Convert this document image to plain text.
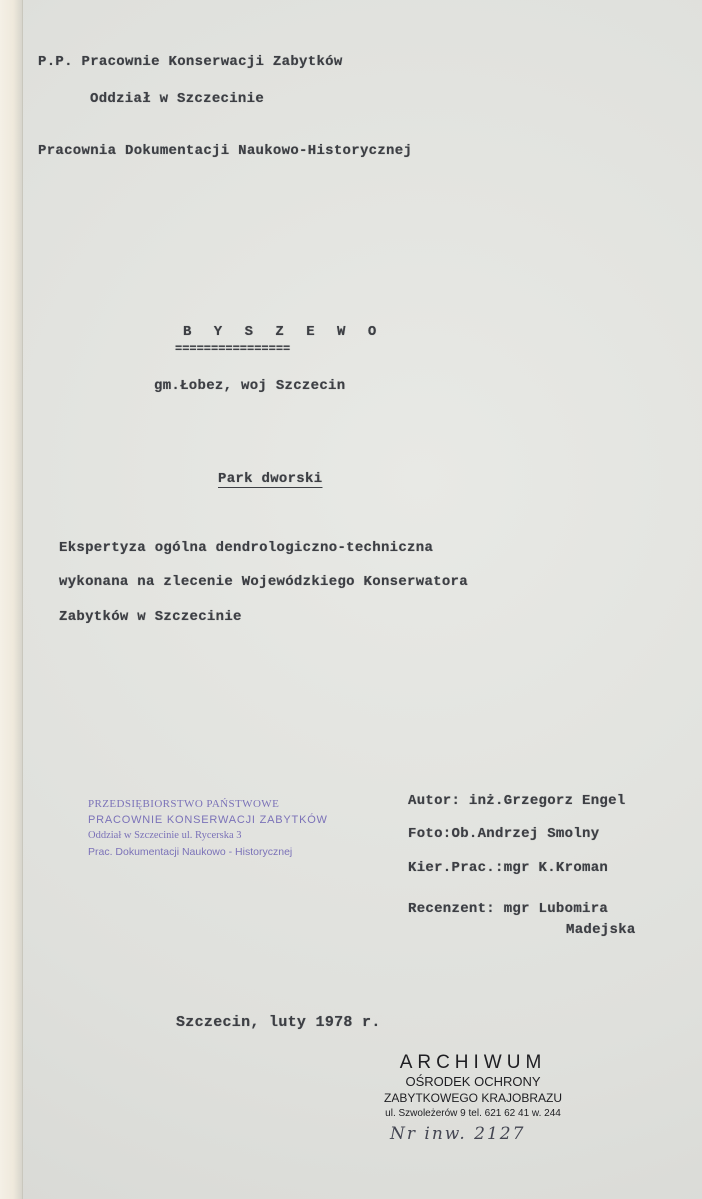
P.P. Pracownie Konserwacji Zabytków
Oddział w Szczecinie
Pracownia Dokumentacji Naukowo-Historycznej
B Y S Z E W O
================
gm.Łobez, woj Szczecin
Park dworski
Ekspertyza ogólna dendrologiczno-techniczna
wykonana na zlecenie Wojewódzkiego Konserwatora
Zabytków w Szczecinie
Autor: inż.Grzegorz Engel
Foto:Ob.Andrzej Smolny
Kier.Prac.:mgr K.Kroman
Recenzent: mgr Lubomira
Madejska
PRZEDSIĘBIORSTWO PAŃSTWOWE
PRACOWNIE KONSERWACJI ZABYTKÓW
Oddział w Szczecinie ul. Rycerska 3
Prac. Dokumentacji Naukowo - Historycznej
Szczecin, luty 1978 r.
ARCHIWUM
OŚRODEK OCHRONY
ZABYTKOWEGO KRAJOBRAZU
ul. Szwoleżerów 9 tel. 621 62 41 w. 244
Nr inw. 2127
